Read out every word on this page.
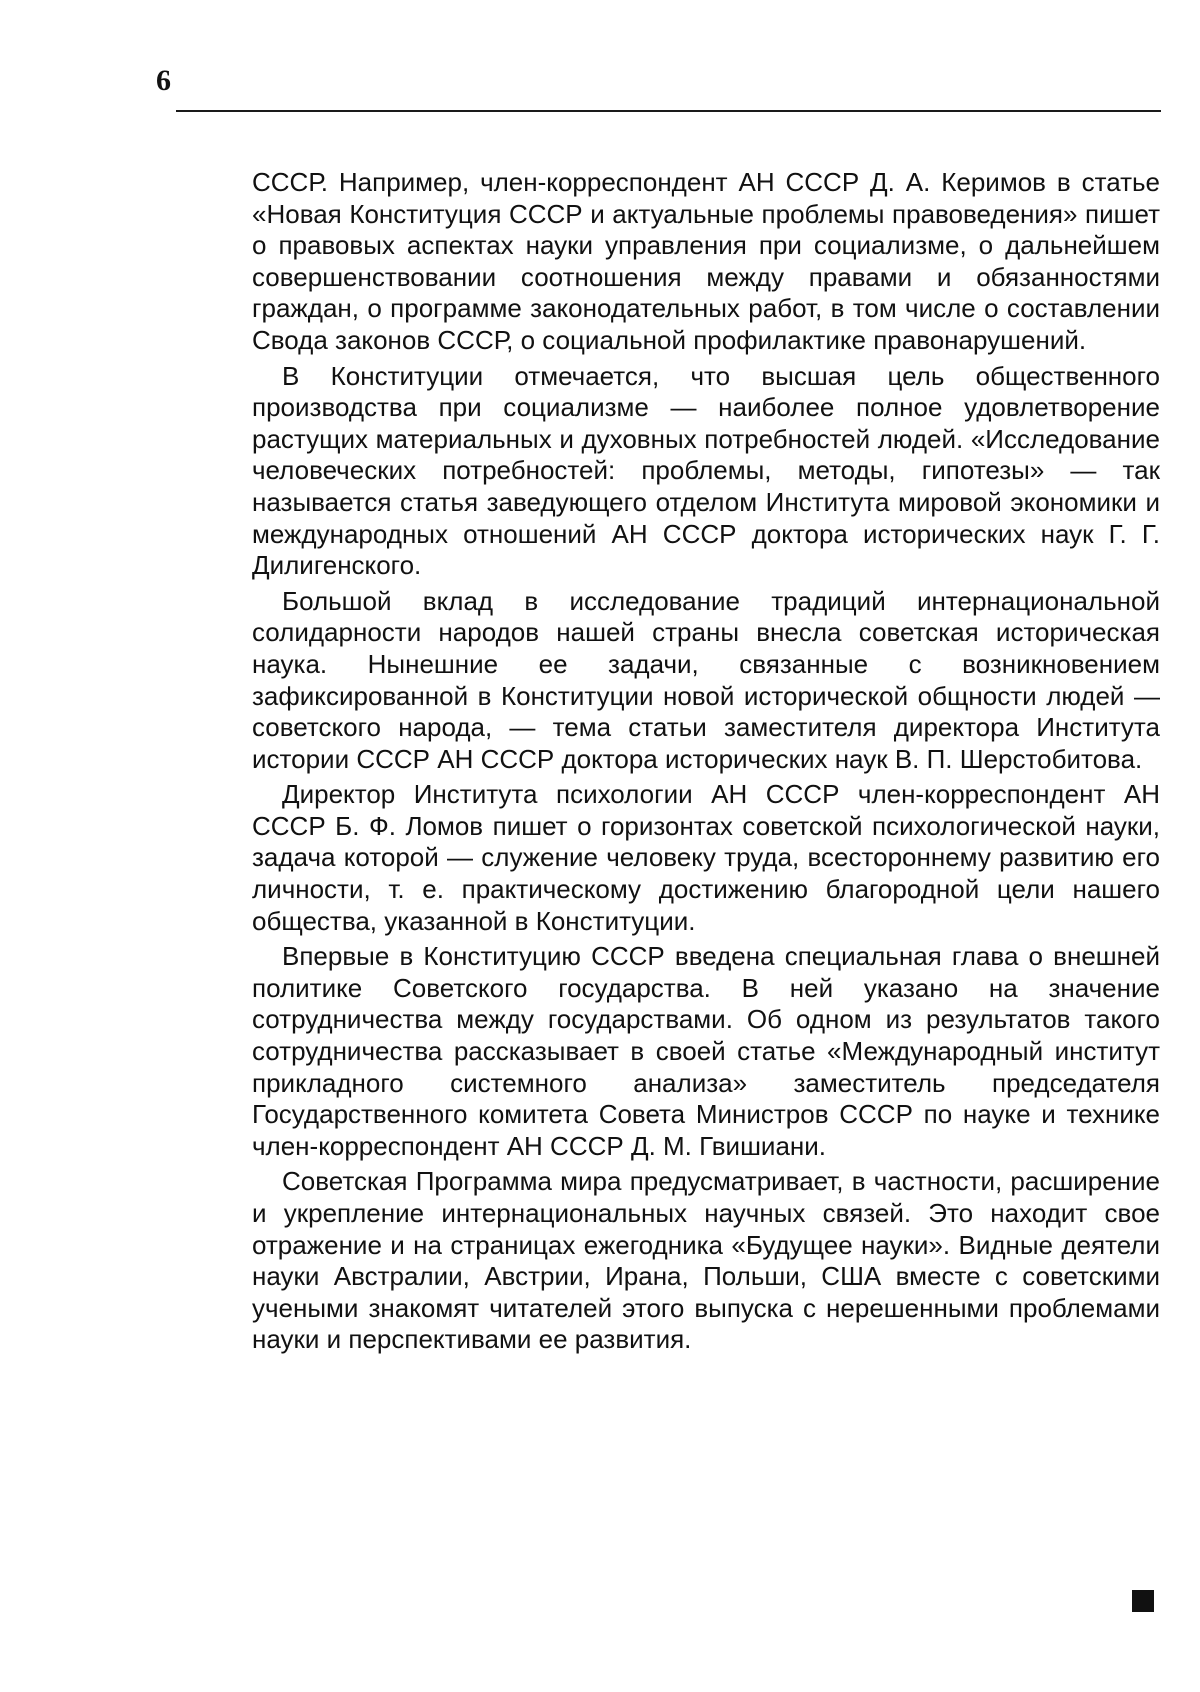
6

СССР. Например, член-корреспондент АН СССР Д. А. Керимов в статье «Новая Конституция СССР и актуальные проблемы правоведения» пишет о правовых аспектах науки управления при социализме, о дальнейшем совершенствовании соотношения между правами и обязанностями граждан, о программе законодательных работ, в том числе о составлении Свода законов СССР, о социальной профилактике правонарушений.

В Конституции отмечается, что высшая цель общественного производства при социализме — наиболее полное удовлетворение растущих материальных и духовных потребностей людей. «Исследование человеческих потребностей: проблемы, методы, гипотезы» — так называется статья заведующего отделом Института мировой экономики и международных отношений АН СССР доктора исторических наук Г. Г. Дилигенского.

Большой вклад в исследование традиций интернациональной солидарности народов нашей страны внесла советская историческая наука. Нынешние ее задачи, связанные с возникновением зафиксированной в Конституции новой исторической общности людей — советского народа, — тема статьи заместителя директора Института истории СССР АН СССР доктора исторических наук В. П. Шерстобитова.

Директор Института психологии АН СССР член-корреспондент АН СССР Б. Ф. Ломов пишет о горизонтах советской психологической науки, задача которой — служение человеку труда, всестороннему развитию его личности, т. е. практическому достижению благородной цели нашего общества, указанной в Конституции.

Впервые в Конституцию СССР введена специальная глава о внешней политике Советского государства. В ней указано на значение сотрудничества между государствами. Об одном из результатов такого сотрудничества рассказывает в своей статье «Международный институт прикладного системного анализа» заместитель председателя Государственного комитета Совета Министров СССР по науке и технике член-корреспондент АН СССР Д. М. Гвишиани.

Советская Программа мира предусматривает, в частности, расширение и укрепление интернациональных научных связей. Это находит свое отражение и на страницах ежегодника «Будущее науки». Видные деятели науки Австралии, Австрии, Ирана, Польши, США вместе с советскими учеными знакомят читателей этого выпуска с нерешенными проблемами науки и перспективами ее развития.
